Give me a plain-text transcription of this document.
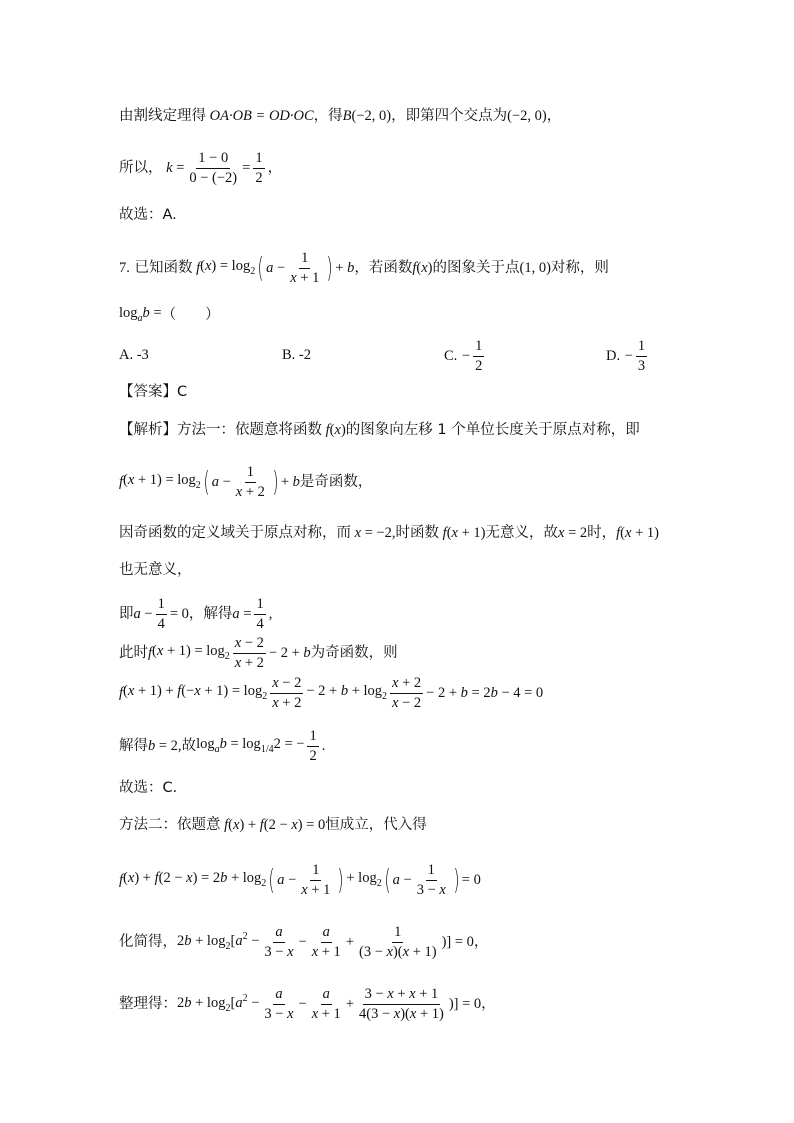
由割线定理得 OA·OB = OD·OC ，得 B (−2, 0) ，即第四个交点为 (−2, 0) ，
所以， $k = \frac{1 - 0}{0 - (-2)} = \frac{1}{2}$ ，
故选：A.
7.
已知函数 f $(x) = \log_2$ ( $a - \frac{1}{x + 1}$ ) + b ，若函数 f (x) 的图象关于点 (1, 0) 对称，则
$\log_ab$ = （　　）
A. -3	B. -2	C.
− $\frac{1}{2}$	D.
− $\frac{1}{3}$
【答案】C
【解析】方法一：依题意将函数 f (x) 的图象向左移 1 个单位长度关于原点对称，即
f $(x + 1) = \log_2$ ( $a - \frac{1}{x + 2}$ ) + b 是奇函数，
因奇函数的定义域关于原点对称，而 x = −2, 时函数 f (x + 1) 无意义，故 x = 2 时， f (x + 1)
也无意义，
即 $a - \frac{1}{4} = 0$ ，解得 $a = \frac{1}{4}$ ,
此时 f $(x + 1) = \log_2 \frac{x - 2}{x + 2} - 2 + b$ 为奇函数，则
f $(x + 1) + f(-x + 1) = \log_2 \frac{x - 2}{x + 2} - 2 + b + \log_2 \frac{x + 2}{x - 2} - 2 + b = 2b - 4 = 0$
解得 b = 2, 故 $\log_ab = \log_{1/4}2$ = − $\frac{1}{2}$ .
故选：C．
方法二：依题意 f (x) + f(2 − x) = 0 恒成立，代入得
f $(x) + f(2 - x) = 2b + \log_2$ ( $a - \frac{1}{x + 1}$ ) + $\log_2$ ( $a - \frac{1}{3 - x}$ ) = 0
化简得， $2b + \log_2[a^2 - \frac{a}{3 - x} - \frac{a}{x + 1} + \frac{1}{(3 - x)(x + 1)}$ )] = 0，
整理得： $2b + \log_2[a^2 - \frac{a}{3 - x} - \frac{a}{x + 1} + \frac{3 - x + x + 1}{4(3 - x)(x + 1)}$ )] = 0，
